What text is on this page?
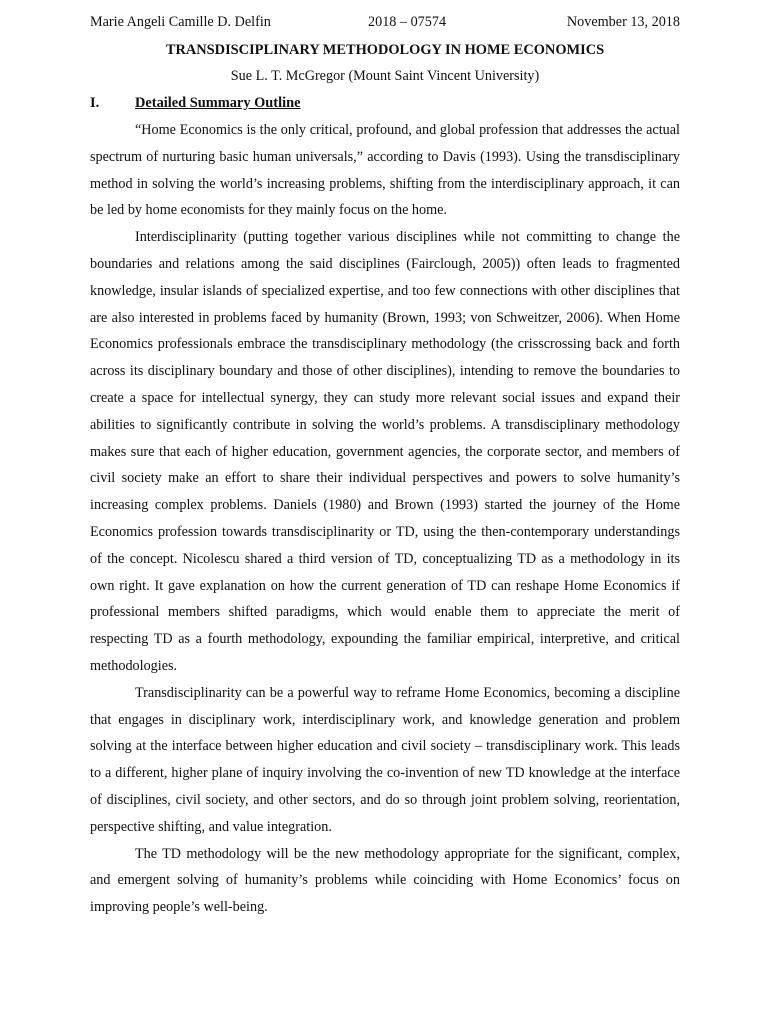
Marie Angeli Camille D. Delfin	2018 – 07574	November 13, 2018
TRANSDISCIPLINARY METHODOLOGY IN HOME ECONOMICS
Sue L. T. McGregor (Mount Saint Vincent University)
I. Detailed Summary Outline

“Home Economics is the only critical, profound, and global profession that addresses the actual spectrum of nurturing basic human universals,” according to Davis (1993). Using the transdisciplinary method in solving the world’s increasing problems, shifting from the interdisciplinary approach, it can be led by home economists for they mainly focus on the home.

Interdisciplinarity (putting together various disciplines while not committing to change the boundaries and relations among the said disciplines (Fairclough, 2005)) often leads to fragmented knowledge, insular islands of specialized expertise, and too few connections with other disciplines that are also interested in problems faced by humanity (Brown, 1993; von Schweitzer, 2006). When Home Economics professionals embrace the transdisciplinary methodology (the crisscrossing back and forth across its disciplinary boundary and those of other disciplines), intending to remove the boundaries to create a space for intellectual synergy, they can study more relevant social issues and expand their abilities to significantly contribute in solving the world’s problems. A transdisciplinary methodology makes sure that each of higher education, government agencies, the corporate sector, and members of civil society make an effort to share their individual perspectives and powers to solve humanity’s increasing complex problems. Daniels (1980) and Brown (1993) started the journey of the Home Economics profession towards transdisciplinarity or TD, using the then-contemporary understandings of the concept. Nicolescu shared a third version of TD, conceptualizing TD as a methodology in its own right. It gave explanation on how the current generation of TD can reshape Home Economics if professional members shifted paradigms, which would enable them to appreciate the merit of respecting TD as a fourth methodology, expounding the familiar empirical, interpretive, and critical methodologies.

Transdisciplinarity can be a powerful way to reframe Home Economics, becoming a discipline that engages in disciplinary work, interdisciplinary work, and knowledge generation and problem solving at the interface between higher education and civil society – transdisciplinary work. This leads to a different, higher plane of inquiry involving the co-invention of new TD knowledge at the interface of disciplines, civil society, and other sectors, and do so through joint problem solving, reorientation, perspective shifting, and value integration.

The TD methodology will be the new methodology appropriate for the significant, complex, and emergent solving of humanity’s problems while coinciding with Home Economics’ focus on improving people’s well-being.
